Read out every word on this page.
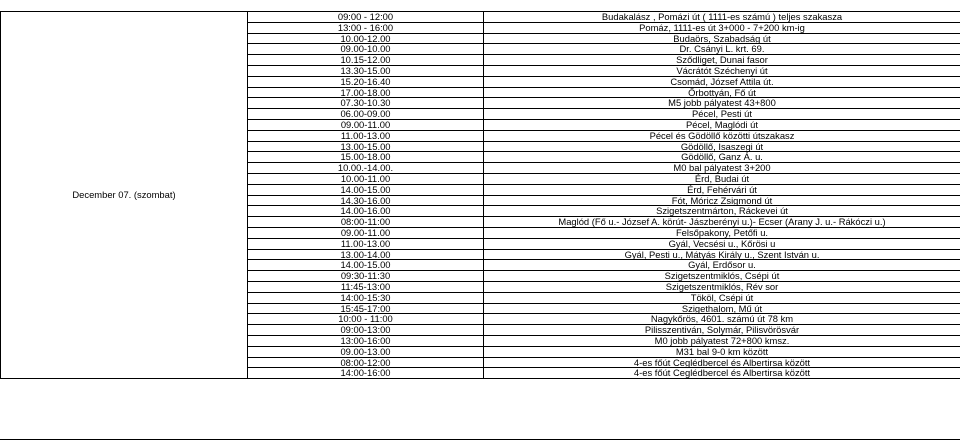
December 07. (szombat)	09:00 - 12:00	Budakalász , Pomázi út ( 1111-es számú ) teljes szakasza
	13:00 - 16:00	Pomáz, 1111-es út 3+000 - 7+200 km-ig
	10.00-12.00	Budaörs, Szabadság út
	09.00-10.00	Dr. Csányi L. krt. 69.
	10.15-12.00	Sződliget, Dunai fasor
	13.30-15.00	Vácrátót Széchenyi út
	15.20-16.40	Csomád, József Attila út.
	17.00-18.00	Őrbottyán, Fő út
	07.30-10.30	M5 jobb pályatest 43+800
	06.00-09.00	Pécel, Pesti út
	09.00-11.00	Pécel, Maglódi út
	11.00-13.00	Pécel és Gödöllő közötti útszakasz
	13.00-15.00	Gödöllő, Isaszegi út
	15.00-18.00	Gödöllő, Ganz Á. u.
	10.00.-14.00.	M0 bal pályatest 3+200
	10.00-11.00	Érd, Budai út
	14.00-15.00	Érd, Fehérvári út
	14.30-16.00	Fót, Móricz Zsigmond út
	14.00-16.00	Szigetszentmárton, Ráckevei út
	08:00-11:00	Maglód (Fő u.- József A. körút- Jászberényi u.)- Ecser (Arany J. u.- Rákóczi u.)
	09.00-11.00	Felsőpakony, Petőfi u.
	11.00-13.00	Gyál, Vecsési u., Kőrösi u
	13.00-14.00	Gyál, Pesti u., Mátyás Király u., Szent István u.
	14.00-15.00	Gyál, Erdősor u.
	09:30-11:30	Szigetszentmiklós, Csépi út
	11:45-13:00	Szigetszentmiklós, Rév sor
	14:00-15:30	Tököl, Csépi út
	15:45-17:00	Szigethalom, Mű út
	10:00 - 11:00	Nagykőrös, 4601. számú út 78 km
	09:00-13:00	Pilisszentiván, Solymár, Pilisvörösvár
	13:00-16:00	M0 jobb pályatest 72+800 kmsz.
	09.00-13.00	M31 bal 9-0 km között
	08:00-12:00	4-es főút Ceglédbercel és Albertirsa között
	14:00-16:00	4-es főút Ceglédbercel és Albertirsa között
